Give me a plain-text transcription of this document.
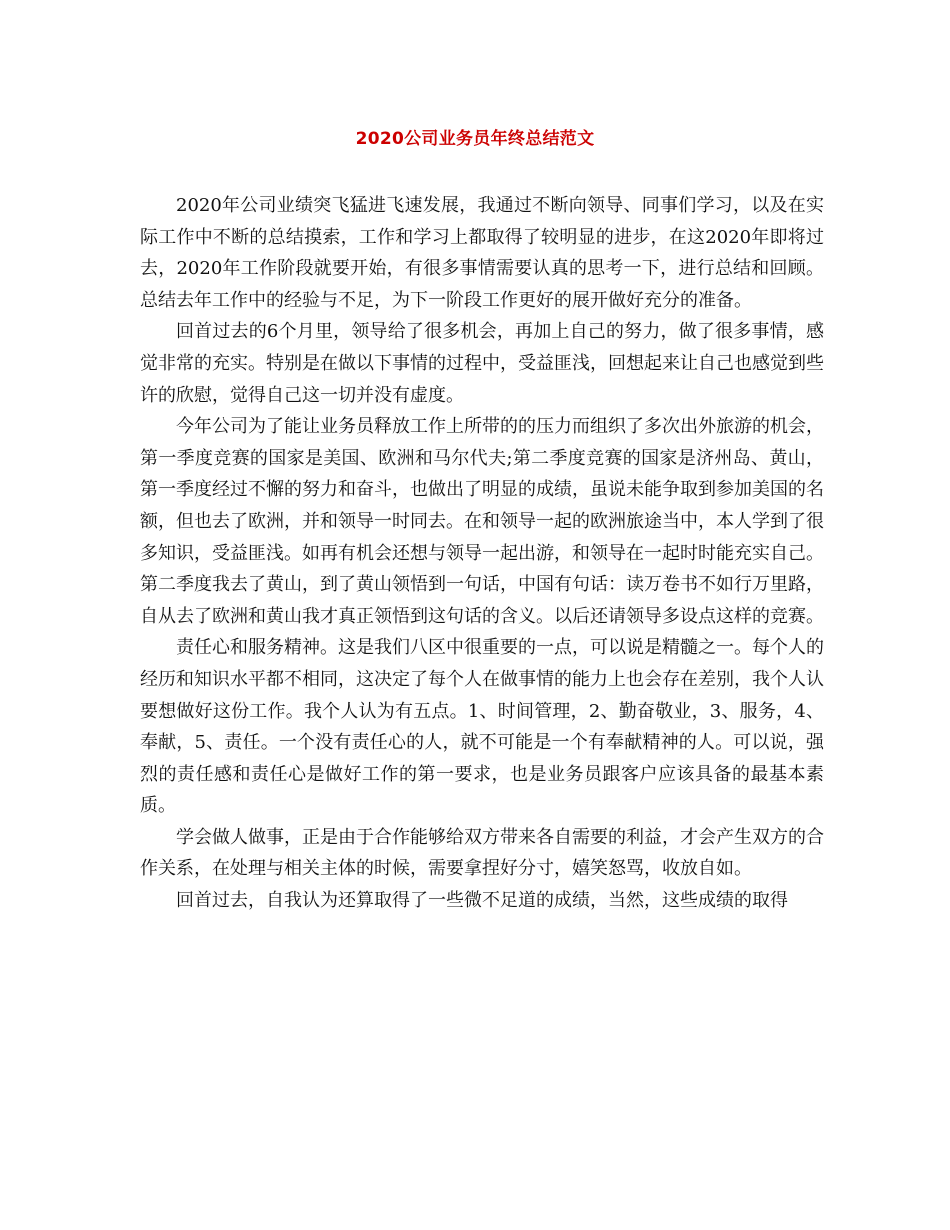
2020公司业务员年终总结范文

2020年公司业绩突飞猛进飞速发展，我通过不断向领导、同事们学习，以及在实际工作中不断的总结摸索，工作和学习上都取得了较明显的进步，在这2020年即将过去，2020年工作阶段就要开始，有很多事情需要认真的思考一下，进行总结和回顾。总结去年工作中的经验与不足，为下一阶段工作更好的展开做好充分的准备。

回首过去的6个月里，领导给了很多机会，再加上自己的努力，做了很多事情，感觉非常的充实。特别是在做以下事情的过程中，受益匪浅，回想起来让自己也感觉到些许的欣慰，觉得自己这一切并没有虚度。

今年公司为了能让业务员释放工作上所带的的压力而组织了多次出外旅游的机会，第一季度竞赛的国家是美国、欧洲和马尔代夫;第二季度竞赛的国家是济州岛、黄山，第一季度经过不懈的努力和奋斗，也做出了明显的成绩，虽说未能争取到参加美国的名额，但也去了欧洲，并和领导一时同去。在和领导一起的欧洲旅途当中，本人学到了很多知识，受益匪浅。如再有机会还想与领导一起出游，和领导在一起时时能充实自己。第二季度我去了黄山，到了黄山领悟到一句话，中国有句话：读万卷书不如行万里路，自从去了欧洲和黄山我才真正领悟到这句话的含义。以后还请领导多设点这样的竞赛。

责任心和服务精神。这是我们八区中很重要的一点，可以说是精髓之一。每个人的经历和知识水平都不相同，这决定了每个人在做事情的能力上也会存在差别，我个人认要想做好这份工作。我个人认为有五点。1、时间管理，2、勤奋敬业，3、服务，4、奉献，5、责任。一个没有责任心的人，就不可能是一个有奉献精神的人。可以说，强烈的责任感和责任心是做好工作的第一要求，也是业务员跟客户应该具备的最基本素质。

学会做人做事，正是由于合作能够给双方带来各自需要的利益，才会产生双方的合作关系，在处理与相关主体的时候，需要拿捏好分寸，嬉笑怒骂，收放自如。

回首过去，自我认为还算取得了一些微不足道的成绩，当然，这些成绩的取得
